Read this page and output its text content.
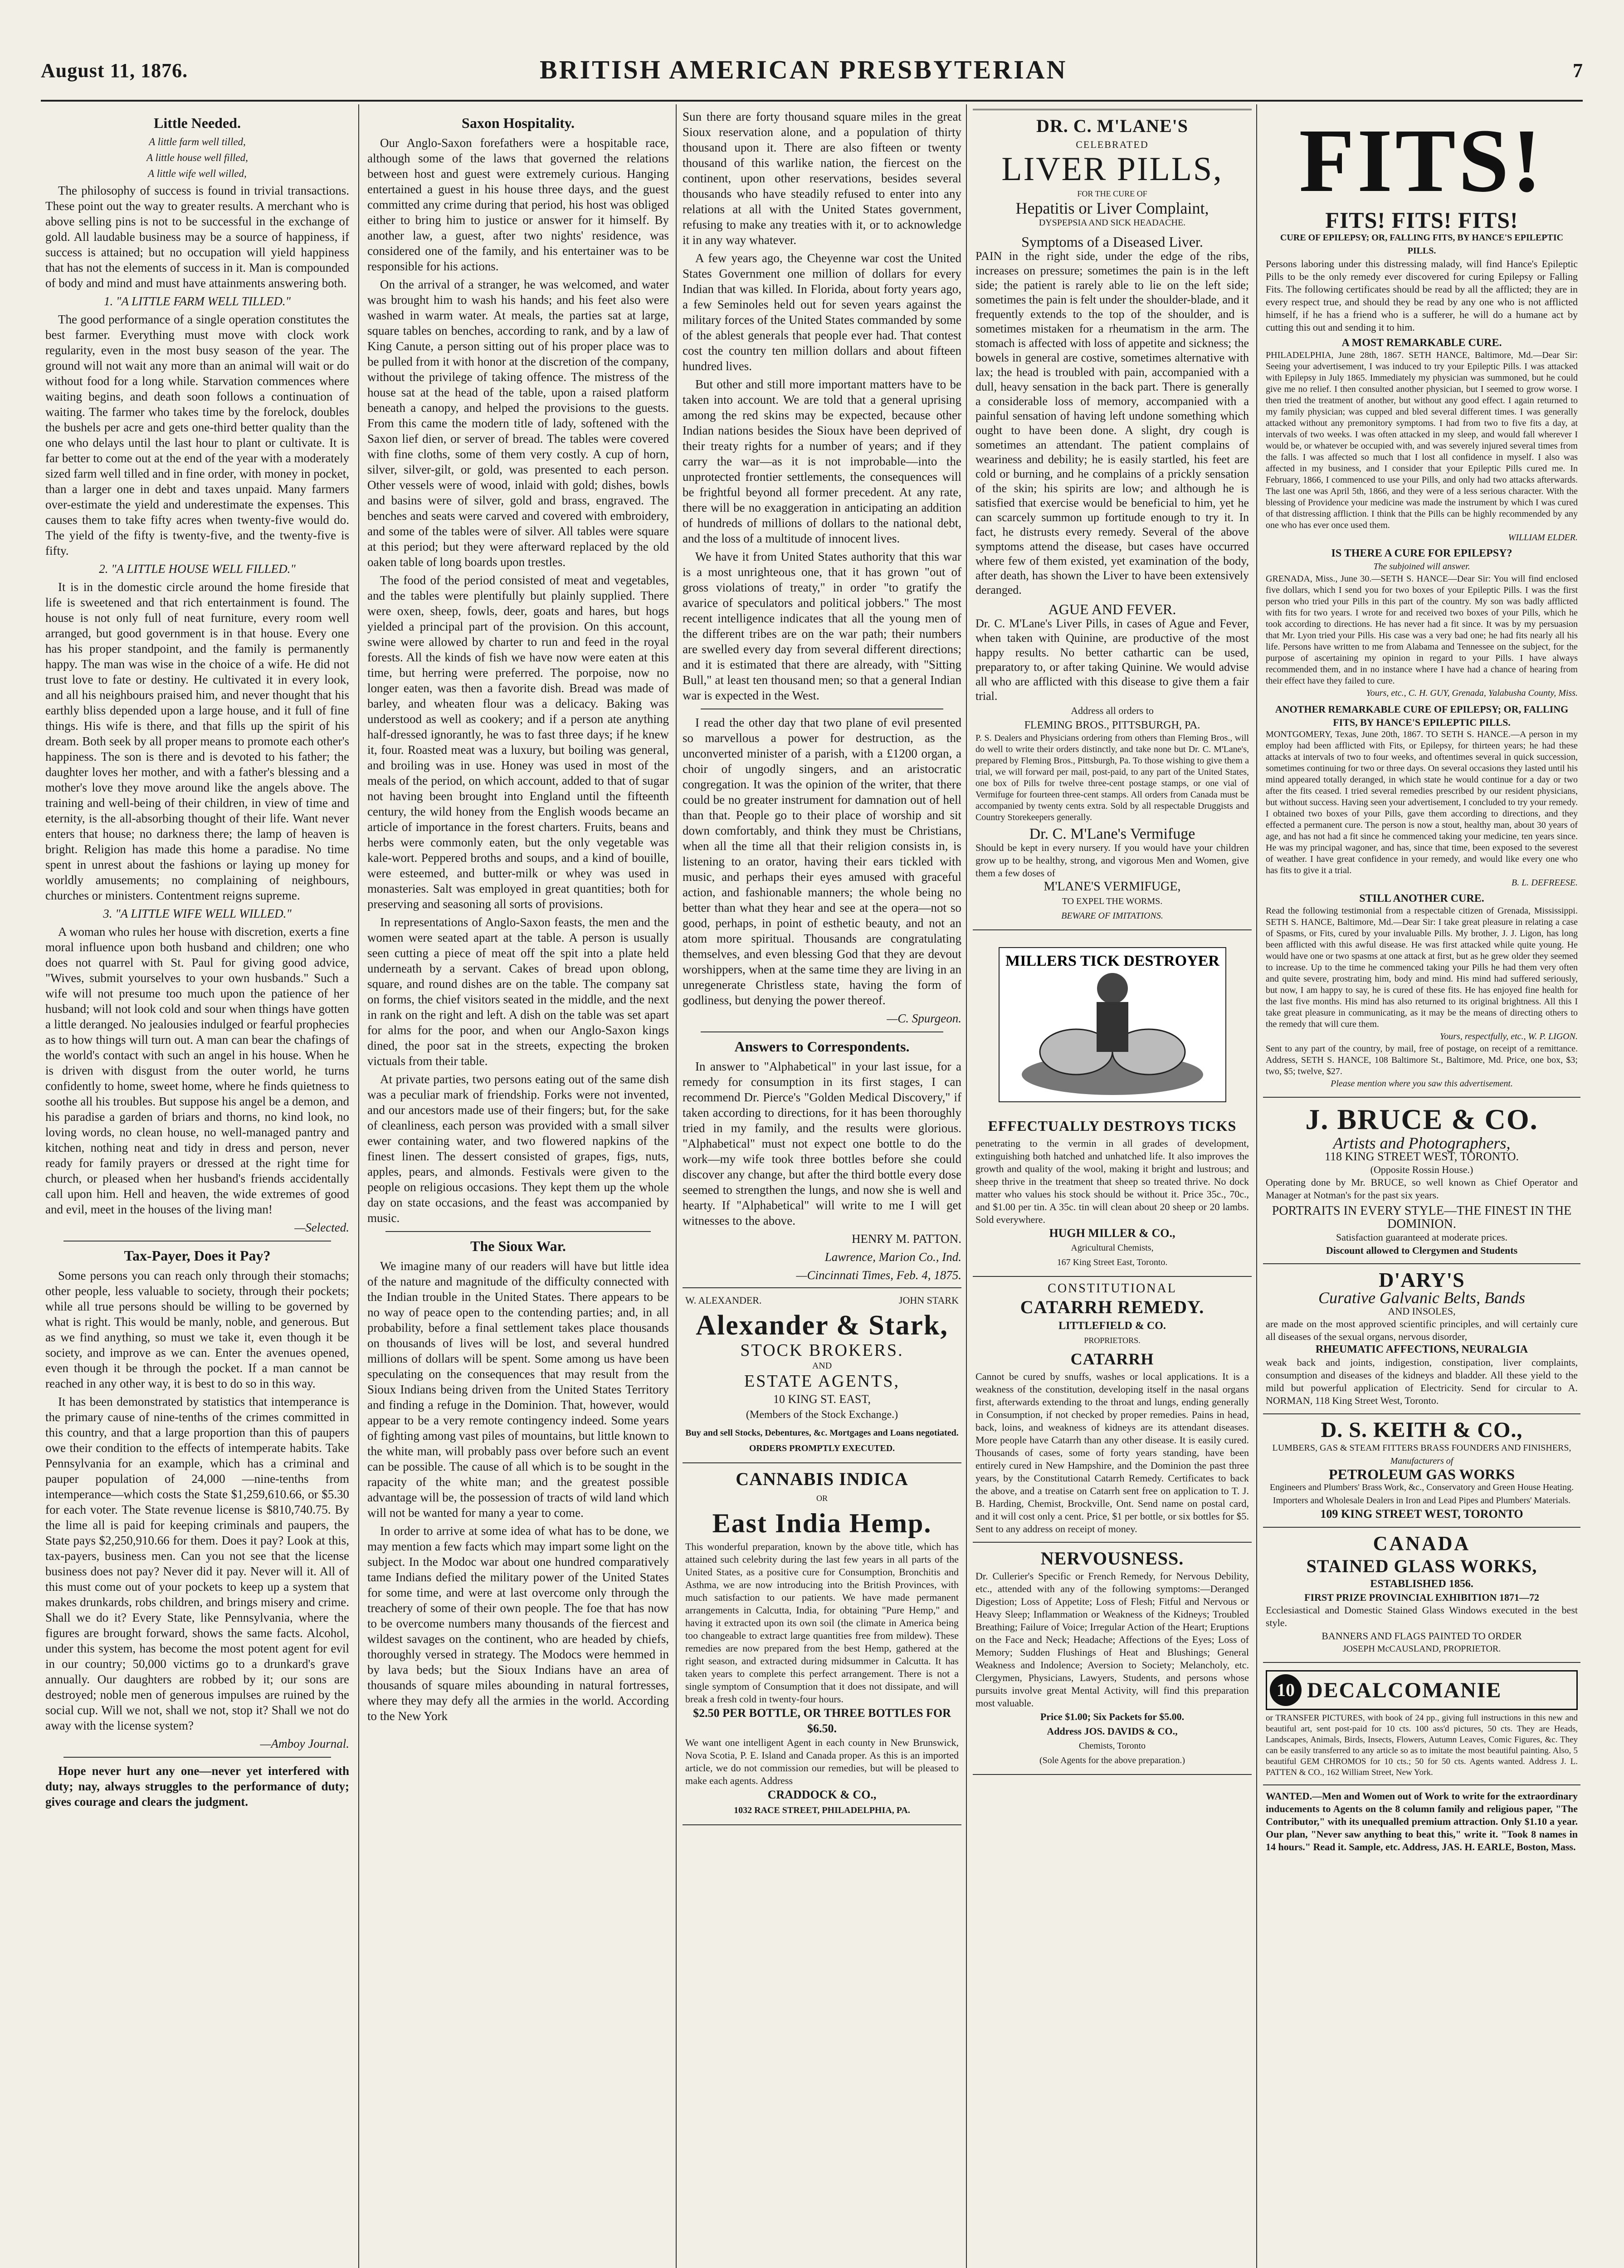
August 11, 1876.	BRITISH AMERICAN PRESBYTERIAN	7

Little Needed.

A little farm well tilled,

A little house well filled,

A little wife well willed,

The philosophy of success is found in trivial transactions. These point out the way to greater results. A merchant who is above selling pins is not to be successful in the exchange of gold. All laudable business may be a source of happiness, if success is attained; but no occupation will yield happiness that has not the elements of success in it. Man is compounded of body and mind and must have attainments answering both.

1. "A LITTLE FARM WELL TILLED."

The good performance of a single operation constitutes the best farmer. Everything must move with clock work regularity, even in the most busy season of the year. The ground will not wait any more than an animal will wait or do without food for a long while. Starvation commences where waiting begins, and death soon follows a continuation of waiting. The farmer who takes time by the forelock, doubles the bushels per acre and gets one-third better quality than the one who delays until the last hour to plant or cultivate. It is far better to come out at the end of the year with a moderately sized farm well tilled and in fine order, with money in pocket, than a larger one in debt and taxes unpaid. Many farmers over-estimate the yield and underestimate the expenses. This causes them to take fifty acres when twenty-five would do. The yield of the fifty is twenty-five, and the twenty-five is fifty.

2. "A LITTLE HOUSE WELL FILLED."

It is in the domestic circle around the home fireside that life is sweetened and that rich entertainment is found. The house is not only full of neat furniture, every room well arranged, but good government is in that house. Every one has his proper standpoint, and the family is permanently happy. The man was wise in the choice of a wife. He did not trust love to fate or destiny. He cultivated it in every look, and all his neighbours praised him, and never thought that his earthly bliss depended upon a large house, and it full of fine things. His wife is there, and that fills up the spirit of his dream. Both seek by all proper means to promote each other's happiness. The son is there and is devoted to his father; the daughter loves her mother, and with a father's blessing and a mother's love they move around like the angels above. The training and well-being of their children, in view of time and eternity, is the all-absorbing thought of their life. Want never enters that house; no darkness there; the lamp of heaven is bright. Religion has made this home a paradise. No time spent in unrest about the fashions or laying up money for worldly amusements; no complaining of neighbours, churches or ministers. Contentment reigns supreme.

3. "A LITTLE WIFE WELL WILLED."

A woman who rules her house with discretion, exerts a fine moral influence upon both husband and children; one who does not quarrel with St. Paul for giving good advice, "Wives, submit yourselves to your own husbands." Such a wife will not presume too much upon the patience of her husband; will not look cold and sour when things have gotten a little deranged. No jealousies indulged or fearful prophecies as to how things will turn out. A man can bear the chafings of the world's contact with such an angel in his house. When he is driven with disgust from the outer world, he turns confidently to home, sweet home, where he finds quietness to soothe all his troubles. But suppose his angel be a demon, and his paradise a garden of briars and thorns, no kind look, no loving words, no clean house, no well-managed pantry and kitchen, nothing neat and tidy in dress and person, never ready for family prayers or dressed at the right time for church, or pleased when her husband's friends accidentally call upon him. Hell and heaven, the wide extremes of good and evil, meet in the houses of the living man!

—Selected.

Tax-Payer, Does it Pay?

Some persons you can reach only through their stomachs; other people, less valuable to society, through their pockets; while all true persons should be willing to be governed by what is right. This would be manly, noble, and generous. But as we find anything, so must we take it, even though it be society, and improve as we can. Enter the avenues opened, even though it be through the pocket. If a man cannot be reached in any other way, it is best to do so in this way.

It has been demonstrated by statistics that intemperance is the primary cause of nine-tenths of the crimes committed in this country, and that a large proportion than this of paupers owe their condition to the effects of intemperate habits. Take Pennsylvania for an example, which has a criminal and pauper population of 24,000 —nine-tenths from intemperance—which costs the State $1,259,610.66, or $5.30 for each voter. The State revenue license is $810,740.75. By the lime all is paid for keeping criminals and paupers, the State pays $2,250,910.66 for them. Does it pay? Look at this, tax-payers, business men. Can you not see that the license business does not pay? Never did it pay. Never will it. All of this must come out of your pockets to keep up a system that makes drunkards, robs children, and brings misery and crime. Shall we do it? Every State, like Pennsylvania, where the figures are brought forward, shows the same facts. Alcohol, under this system, has become the most potent agent for evil in our country; 50,000 victims go to a drunkard's grave annually. Our daughters are robbed by it; our sons are destroyed; noble men of generous impulses are ruined by the social cup. Will we not, shall we not, stop it? Shall we not do away with the license system?

—Amboy Journal.

Hope never hurt any one—never yet interfered with duty; nay, always struggles to the performance of duty; gives courage and clears the judgment.

Saxon Hospitality.

Our Anglo-Saxon forefathers were a hospitable race, although some of the laws that governed the relations between host and guest were extremely curious. Hanging entertained a guest in his house three days, and the guest committed any crime during that period, his host was obliged either to bring him to justice or answer for it himself. By another law, a guest, after two nights' residence, was considered one of the family, and his entertainer was to be responsible for his actions.

On the arrival of a stranger, he was welcomed, and water was brought him to wash his hands; and his feet also were washed in warm water. At meals, the parties sat at large, square tables on benches, according to rank, and by a law of King Canute, a person sitting out of his proper place was to be pulled from it with honor at the discretion of the company, without the privilege of taking offence. The mistress of the house sat at the head of the table, upon a raised platform beneath a canopy, and helped the provisions to the guests. From this came the modern title of lady, softened with the Saxon lief dien, or server of bread. The tables were covered with fine cloths, some of them very costly. A cup of horn, silver, silver-gilt, or gold, was presented to each person. Other vessels were of wood, inlaid with gold; dishes, bowls and basins were of silver, gold and brass, engraved. The benches and seats were carved and covered with embroidery, and some of the tables were of silver. All tables were square at this period; but they were afterward replaced by the old oaken table of long boards upon trestles.

The food of the period consisted of meat and vegetables, and the tables were plentifully but plainly supplied. There were oxen, sheep, fowls, deer, goats and hares, but hogs yielded a principal part of the provision. On this account, swine were allowed by charter to run and feed in the royal forests. All the kinds of fish we have now were eaten at this time, but herring were preferred. The porpoise, now no longer eaten, was then a favorite dish. Bread was made of barley, and wheaten flour was a delicacy. Baking was understood as well as cookery; and if a person ate anything half-dressed ignorantly, he was to fast three days; if he knew it, four. Roasted meat was a luxury, but boiling was general, and broiling was in use. Honey was used in most of the meals of the period, on which account, added to that of sugar not having been brought into England until the fifteenth century, the wild honey from the English woods became an article of importance in the forest charters. Fruits, beans and herbs were commonly eaten, but the only vegetable was kale-wort. Peppered broths and soups, and a kind of bouille, were esteemed, and butter-milk or whey was used in monasteries. Salt was employed in great quantities; both for preserving and seasoning all sorts of provisions.

In representations of Anglo-Saxon feasts, the men and the women were seated apart at the table. A person is usually seen cutting a piece of meat off the spit into a plate held underneath by a servant. Cakes of bread upon oblong, square, and round dishes are on the table. The company sat on forms, the chief visitors seated in the middle, and the next in rank on the right and left. A dish on the table was set apart for alms for the poor, and when our Anglo-Saxon kings dined, the poor sat in the streets, expecting the broken victuals from their table.

At private parties, two persons eating out of the same dish was a peculiar mark of friendship. Forks were not invented, and our ancestors made use of their fingers; but, for the sake of cleanliness, each person was provided with a small silver ewer containing water, and two flowered napkins of the finest linen. The dessert consisted of grapes, figs, nuts, apples, pears, and almonds. Festivals were given to the people on religious occasions. They kept them up the whole day on state occasions, and the feast was accompanied by music.

The Sioux War.

We imagine many of our readers will have but little idea of the nature and magnitude of the difficulty connected with the Indian trouble in the United States. There appears to be no way of peace open to the contending parties; and, in all probability, before a final settlement takes place thousands on thousands of lives will be lost, and several hundred millions of dollars will be spent. Some among us have been speculating on the consequences that may result from the Sioux Indians being driven from the United States Territory and finding a refuge in the Dominion. That, however, would appear to be a very remote contingency indeed. Some years of fighting among vast piles of mountains, but little known to the white man, will probably pass over before such an event can be possible. The cause of all which is to be sought in the rapacity of the white man; and the greatest possible advantage will be, the possession of tracts of wild land which will not be wanted for many a year to come.

In order to arrive at some idea of what has to be done, we may mention a few facts which may impart some light on the subject. In the Modoc war about one hundred comparatively tame Indians defied the military power of the United States for some time, and were at last overcome only through the treachery of some of their own people. The foe that has now to be overcome numbers many thousands of the fiercest and wildest savages on the continent, who are headed by chiefs, thoroughly versed in strategy. The Modocs were hemmed in by lava beds; but the Sioux Indians have an area of thousands of square miles abounding in natural fortresses, where they may defy all the armies in the world. According to the New York

Sun there are forty thousand square miles in the great Sioux reservation alone, and a population of thirty thousand upon it. There are also fifteen or twenty thousand of this warlike nation, the fiercest on the continent, upon other reservations, besides several thousands who have steadily refused to enter into any relations at all with the United States government, refusing to make any treaties with it, or to acknowledge it in any way whatever.

A few years ago, the Cheyenne war cost the United States Government one million of dollars for every Indian that was killed. In Florida, about forty years ago, a few Seminoles held out for seven years against the military forces of the United States commanded by some of the ablest generals that people ever had. That contest cost the country ten million dollars and about fifteen hundred lives.

But other and still more important matters have to be taken into account. We are told that a general uprising among the red skins may be expected, because other Indian nations besides the Sioux have been deprived of their treaty rights for a number of years; and if they carry the war—as it is not improbable—into the unprotected frontier settlements, the consequences will be frightful beyond all former precedent. At any rate, there will be no exaggeration in anticipating an addition of hundreds of millions of dollars to the national debt, and the loss of a multitude of innocent lives.

We have it from United States authority that this war is a most unrighteous one, that it has grown "out of gross violations of treaty," in order "to gratify the avarice of speculators and political jobbers." The most recent intelligence indicates that all the young men of the different tribes are on the war path; their numbers are swelled every day from several different directions; and it is estimated that there are already, with "Sitting Bull," at least ten thousand men; so that a general Indian war is expected in the West.

I read the other day that two plane of evil presented so marvellous a power for destruction, as the unconverted minister of a parish, with a £1200 organ, a choir of ungodly singers, and an aristocratic congregation. It was the opinion of the writer, that there could be no greater instrument for damnation out of hell than that. People go to their place of worship and sit down comfortably, and think they must be Christians, when all the time all that their religion consists in, is listening to an orator, having their ears tickled with music, and perhaps their eyes amused with graceful action, and fashionable manners; the whole being no better than what they hear and see at the opera—not so good, perhaps, in point of esthetic beauty, and not an atom more spiritual. Thousands are congratulating themselves, and even blessing God that they are devout worshippers, when at the same time they are living in an unregenerate Christless state, having the form of godliness, but denying the power thereof.

—C. Spurgeon.

Answers to Correspondents.

In answer to "Alphabetical" in your last issue, for a remedy for consumption in its first stages, I can recommend Dr. Pierce's "Golden Medical Discovery," if taken according to directions, for it has been thoroughly tried in my family, and the results were glorious. "Alphabetical" must not expect one bottle to do the work—my wife took three bottles before she could discover any change, but after the third bottle every dose seemed to strengthen the lungs, and now she is well and hearty. If "Alphabetical" will write to me I will get witnesses to the above.

HENRY M. PATTON.

Lawrence, Marion Co., Ind.

—Cincinnati Times, Feb. 4, 1875.

W. ALEXANDER.	JOHN STARK
Alexander & Stark,
STOCK BROKERS.
AND
ESTATE AGENTS,
10 KING ST. EAST,
(Members of the Stock Exchange.)
Buy and sell Stocks, Debentures, &c. Mortgages and Loans negotiated.
ORDERS PROMPTLY EXECUTED.
CANNABIS INDICA
OR
East India Hemp.
This wonderful preparation, known by the above title, which has attained such celebrity during the last few years in all parts of the United States, as a positive cure for Consumption, Bronchitis and Asthma, we are now introducing into the British Provinces, with much satisfaction to our patients. We have made permanent arrangements in Calcutta, India, for obtaining "Pure Hemp," and having it extracted upon its own soil (the climate in America being too changeable to extract large quantities free from mildew). These remedies are now prepared from the best Hemp, gathered at the right season, and extracted during midsummer in Calcutta. It has taken years to complete this perfect arrangement. There is not a single symptom of Consumption that it does not dissipate, and will break a fresh cold in twenty-four hours.
$2.50 PER BOTTLE, OR THREE BOTTLES FOR $6.50.
We want one intelligent Agent in each county in New Brunswick, Nova Scotia, P. E. Island and Canada proper. As this is an imported article, we do not commission our remedies, but will be pleased to make each agents. Address
CRADDOCK & CO.,
1032 RACE STREET, PHILADELPHIA, PA.
DR. C. M'LANE'S
CELEBRATED
LIVER PILLS,
FOR THE CURE OF
Hepatitis or Liver Complaint,
DYSPEPSIA AND SICK HEADACHE.
Symptoms of a Diseased Liver.
PAIN in the right side, under the edge of the ribs, increases on pressure; sometimes the pain is in the left side; the patient is rarely able to lie on the left side; sometimes the pain is felt under the shoulder-blade, and it frequently extends to the top of the shoulder, and is sometimes mistaken for a rheumatism in the arm. The stomach is affected with loss of appetite and sickness; the bowels in general are costive, sometimes alternative with lax; the head is troubled with pain, accompanied with a dull, heavy sensation in the back part. There is generally a considerable loss of memory, accompanied with a painful sensation of having left undone something which ought to have been done. A slight, dry cough is sometimes an attendant. The patient complains of weariness and debility; he is easily startled, his feet are cold or burning, and he complains of a prickly sensation of the skin; his spirits are low; and although he is satisfied that exercise would be beneficial to him, yet he can scarcely summon up fortitude enough to try it. In fact, he distrusts every remedy. Several of the above symptoms attend the disease, but cases have occurred where few of them existed, yet examination of the body, after death, has shown the Liver to have been extensively deranged.
AGUE AND FEVER.
Dr. C. M'Lane's Liver Pills, in cases of Ague and Fever, when taken with Quinine, are productive of the most happy results. No better cathartic can be used, preparatory to, or after taking Quinine. We would advise all who are afflicted with this disease to give them a fair trial.
Address all orders to
FLEMING BROS., PITTSBURGH, PA.
P. S. Dealers and Physicians ordering from others than Fleming Bros., will do well to write their orders distinctly, and take none but Dr. C. M'Lane's, prepared by Fleming Bros., Pittsburgh, Pa. To those wishing to give them a trial, we will forward per mail, post-paid, to any part of the United States, one box of Pills for twelve three-cent postage stamps, or one vial of Vermifuge for fourteen three-cent stamps. All orders from Canada must be accompanied by twenty cents extra. Sold by all respectable Druggists and Country Storekeepers generally.
Dr. C. M'Lane's Vermifuge
Should be kept in every nursery. If you would have your children grow up to be healthy, strong, and vigorous Men and Women, give them a few doses of
M'LANE'S VERMIFUGE,
TO EXPEL THE WORMS.
BEWARE OF IMITATIONS.
MILLERS TICK DESTROYER
EFFECTUALLY DESTROYS TICKS
penetrating to the vermin in all grades of development, extinguishing both hatched and unhatched life. It also improves the growth and quality of the wool, making it bright and lustrous; and sheep thrive in the treatment that sheep so treated thrive. No dock matter who values his stock should be without it. Price 35c., 70c., and $1.00 per tin. A 35c. tin will clean about 20 sheep or 20 lambs. Sold everywhere.
HUGH MILLER & CO.,
Agricultural Chemists,
167 King Street East, Toronto.
CONSTITUTIONAL
CATARRH REMEDY.
LITTLEFIELD & CO.
PROPRIETORS.
CATARRH
Cannot be cured by snuffs, washes or local applications. It is a weakness of the constitution, developing itself in the nasal organs first, afterwards extending to the throat and lungs, ending generally in Consumption, if not checked by proper remedies. Pains in head, back, loins, and weakness of kidneys are its attendant diseases. More people have Catarrh than any other disease. It is easily cured. Thousands of cases, some of forty years standing, have been entirely cured in New Hampshire, and the Dominion the past three years, by the Constitutional Catarrh Remedy. Certificates to back the above, and a treatise on Catarrh sent free on application to T. J. B. Harding, Chemist, Brockville, Ont. Send name on postal card, and it will cost only a cent. Price, $1 per bottle, or six bottles for $5. Sent to any address on receipt of money.
NERVOUSNESS.
Dr. Cullerier's Specific or French Remedy, for Nervous Debility, etc., attended with any of the following symptoms:—Deranged Digestion; Loss of Appetite; Loss of Flesh; Fitful and Nervous or Heavy Sleep; Inflammation or Weakness of the Kidneys; Troubled Breathing; Failure of Voice; Irregular Action of the Heart; Eruptions on the Face and Neck; Headache; Affections of the Eyes; Loss of Memory; Sudden Flushings of Heat and Blushings; General Weakness and Indolence; Aversion to Society; Melancholy, etc. Clergymen, Physicians, Lawyers, Students, and persons whose pursuits involve great Mental Activity, will find this preparation most valuable.
Price $1.00; Six Packets for $5.00.
Address JOS. DAVIDS & CO.,
Chemists, Toronto
(Sole Agents for the above preparation.)
FITS!
FITS! FITS! FITS!
CURE OF EPILEPSY; OR, FALLING FITS, BY HANCE'S EPILEPTIC PILLS.
Persons laboring under this distressing malady, will find Hance's Epileptic Pills to be the only remedy ever discovered for curing Epilepsy or Falling Fits. The following certificates should be read by all the afflicted; they are in every respect true, and should they be read by any one who is not afflicted himself, if he has a friend who is a sufferer, he will do a humane act by cutting this out and sending it to him.
A MOST REMARKABLE CURE.
PHILADELPHIA, June 28th, 1867. SETH HANCE, Baltimore, Md.—Dear Sir: Seeing your advertisement, I was induced to try your Epileptic Pills. I was attacked with Epilepsy in July 1865. Immediately my physician was summoned, but he could give me no relief. I then consulted another physician, but I seemed to grow worse. I then tried the treatment of another, but without any good effect. I again returned to my family physician; was cupped and bled several different times. I was generally attacked without any premonitory symptoms. I had from two to five fits a day, at intervals of two weeks. I was often attacked in my sleep, and would fall wherever I would be, or whatever be occupied with, and was severely injured several times from the falls. I was affected so much that I lost all confidence in myself. I also was affected in my business, and I consider that your Epileptic Pills cured me. In February, 1866, I commenced to use your Pills, and only had two attacks afterwards. The last one was April 5th, 1866, and they were of a less serious character. With the blessing of Providence your medicine was made the instrument by which I was cured of that distressing affliction. I think that the Pills can be highly recommended by any one who has ever once used them.
WILLIAM ELDER.
IS THERE A CURE FOR EPILEPSY?
The subjoined will answer.
GRENADA, Miss., June 30.—SETH S. HANCE—Dear Sir: You will find enclosed five dollars, which I send you for two boxes of your Epileptic Pills. I was the first person who tried your Pills in this part of the country. My son was badly afflicted with fits for two years. I wrote for and received two boxes of your Pills, which he took according to directions. He has never had a fit since. It was by my persuasion that Mr. Lyon tried your Pills. His case was a very bad one; he had fits nearly all his life. Persons have written to me from Alabama and Tennessee on the subject, for the purpose of ascertaining my opinion in regard to your Pills. I have always recommended them, and in no instance where I have had a chance of hearing from their effect have they failed to cure.
Yours, etc., C. H. GUY, Grenada, Yalabusha County, Miss.
ANOTHER REMARKABLE CURE OF EPILEPSY; OR, FALLING FITS, BY HANCE'S EPILEPTIC PILLS.
MONTGOMERY, Texas, June 20th, 1867. TO SETH S. HANCE.—A person in my employ had been afflicted with Fits, or Epilepsy, for thirteen years; he had these attacks at intervals of two to four weeks, and oftentimes several in quick succession, sometimes continuing for two or three days. On several occasions they lasted until his mind appeared totally deranged, in which state he would continue for a day or two after the fits ceased. I tried several remedies prescribed by our resident physicians, but without success. Having seen your advertisement, I concluded to try your remedy. I obtained two boxes of your Pills, gave them according to directions, and they effected a permanent cure. The person is now a stout, healthy man, about 30 years of age, and has not had a fit since he commenced taking your medicine, ten years since. He was my principal wagoner, and has, since that time, been exposed to the severest of weather. I have great confidence in your remedy, and would like every one who has fits to give it a trial.
B. L. DEFREESE.
STILL ANOTHER CURE.
Read the following testimonial from a respectable citizen of Grenada, Mississippi. SETH S. HANCE, Baltimore, Md.—Dear Sir: I take great pleasure in relating a case of Spasms, or Fits, cured by your invaluable Pills. My brother, J. J. Ligon, has long been afflicted with this awful disease. He was first attacked while quite young. He would have one or two spasms at one attack at first, but as he grew older they seemed to increase. Up to the time he commenced taking your Pills he had them very often and quite severe, prostrating him, body and mind. His mind had suffered seriously, but now, I am happy to say, he is cured of these fits. He has enjoyed fine health for the last five months. His mind has also returned to its original brightness. All this I take great pleasure in communicating, as it may be the means of directing others to the remedy that will cure them.
Yours, respectfully, etc., W. P. LIGON.
Sent to any part of the country, by mail, free of postage, on receipt of a remittance. Address, SETH S. HANCE, 108 Baltimore St., Baltimore, Md. Price, one box, $3; two, $5; twelve, $27.
Please mention where you saw this advertisement.
J. BRUCE & CO.
Artists and Photographers,
118 KING STREET WEST, TORONTO.
(Opposite Rossin House.)
Operating done by Mr. BRUCE, so well known as Chief Operator and Manager at Notman's for the past six years.
PORTRAITS IN EVERY STYLE—THE FINEST IN THE DOMINION.
Satisfaction guaranteed at moderate prices.
Discount allowed to Clergymen and Students
D'ARY'S
Curative Galvanic Belts, Bands
AND INSOLES,
are made on the most approved scientific principles, and will certainly cure all diseases of the sexual organs, nervous disorder,
RHEUMATIC AFFECTIONS, NEURALGIA
weak back and joints, indigestion, constipation, liver complaints, consumption and diseases of the kidneys and bladder. All these yield to the mild but powerful application of Electricity. Send for circular to A. NORMAN, 118 King Street West, Toronto.
D. S. KEITH & CO.,
LUMBERS, GAS & STEAM FITTERS BRASS FOUNDERS AND FINISHERS,
Manufacturers of
PETROLEUM GAS WORKS
Engineers and Plumbers' Brass Work, &c., Conservatory and Green House Heating.
Importers and Wholesale Dealers in Iron and Lead Pipes and Plumbers' Materials.
109 KING STREET WEST, TORONTO
CANADA
STAINED GLASS WORKS,
ESTABLISHED 1856.
FIRST PRIZE PROVINCIAL EXHIBITION 1871—72
Ecclesiastical and Domestic Stained Glass Windows executed in the best style.
BANNERS AND FLAGS PAINTED TO ORDER
JOSEPH McCAUSLAND, PROPRIETOR.
10 DECALCOMANIE
or TRANSFER PICTURES, with book of 24 pp., giving full instructions in this new and beautiful art, sent post-paid for 10 cts. 100 ass'd pictures, 50 cts. They are Heads, Landscapes, Animals, Birds, Insects, Flowers, Autumn Leaves, Comic Figures, &c. They can be easily transferred to any article so as to imitate the most beautiful painting. Also, 5 beautiful GEM CHROMOS for 10 cts.; 50 for 50 cts. Agents wanted. Address J. L. PATTEN & CO., 162 William Street, New York.
WANTED.—Men and Women out of Work to write for the extraordinary inducements to Agents on the 8 column family and religious paper, "The Contributor," with its unequalled premium attraction. Only $1.10 a year. Our plan, "Never saw anything to beat this," write it. "Took 8 names in 14 hours." Read it. Sample, etc. Address, JAS. H. EARLE, Boston, Mass.
